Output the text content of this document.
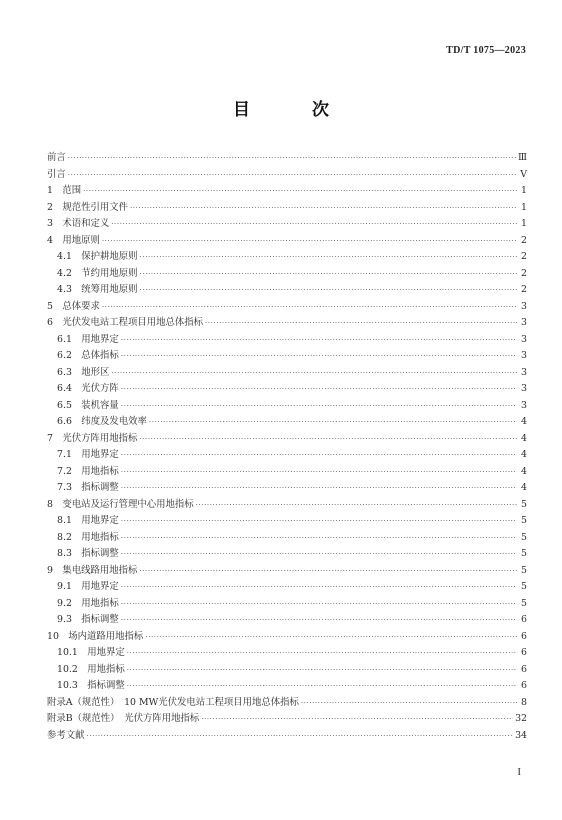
TD/T 1075—2023
目 次
前言 ·····	Ⅲ
引言 ·····	Ⅴ
1　范围 ·····	1
2　规范性引用文件 ·····	1
3　术语和定义 ·····	1
4　用地原则 ·····	2
4.1　保护耕地原则 ·····	2
4.2　节约用地原则 ·····	2
4.3　统筹用地原则 ·····	2
5　总体要求 ·····	3
6　光伏发电站工程项目用地总体指标 ·····	3
6.1　用地界定 ·····	3
6.2　总体指标 ·····	3
6.3　地形区 ·····	3
6.4　光伏方阵 ·····	3
6.5　装机容量 ·····	3
6.6　纬度及发电效率 ·····	4
7　光伏方阵用地指标 ·····	4
7.1　用地界定 ·····	4
7.2　用地指标 ·····	4
7.3　指标调整 ·····	4
8　变电站及运行管理中心用地指标 ·····	5
8.1　用地界定 ·····	5
8.2　用地指标 ·····	5
8.3　指标调整 ·····	5
9　集电线路用地指标 ·····	5
9.1　用地界定 ·····	5
9.2　用地指标 ·····	5
9.3　指标调整 ·····	6
10　场内道路用地指标 ·····	6
10.1　用地界定 ·····	6
10.2　用地指标 ·····	6
10.3　指标调整 ·····	6
附录A（规范性）　10 MW光伏发电站工程项目用地总体指标 ·····	8
附录B（规范性）　光伏方阵用地指标 ·····	32
参考文献 ·····	34
I
